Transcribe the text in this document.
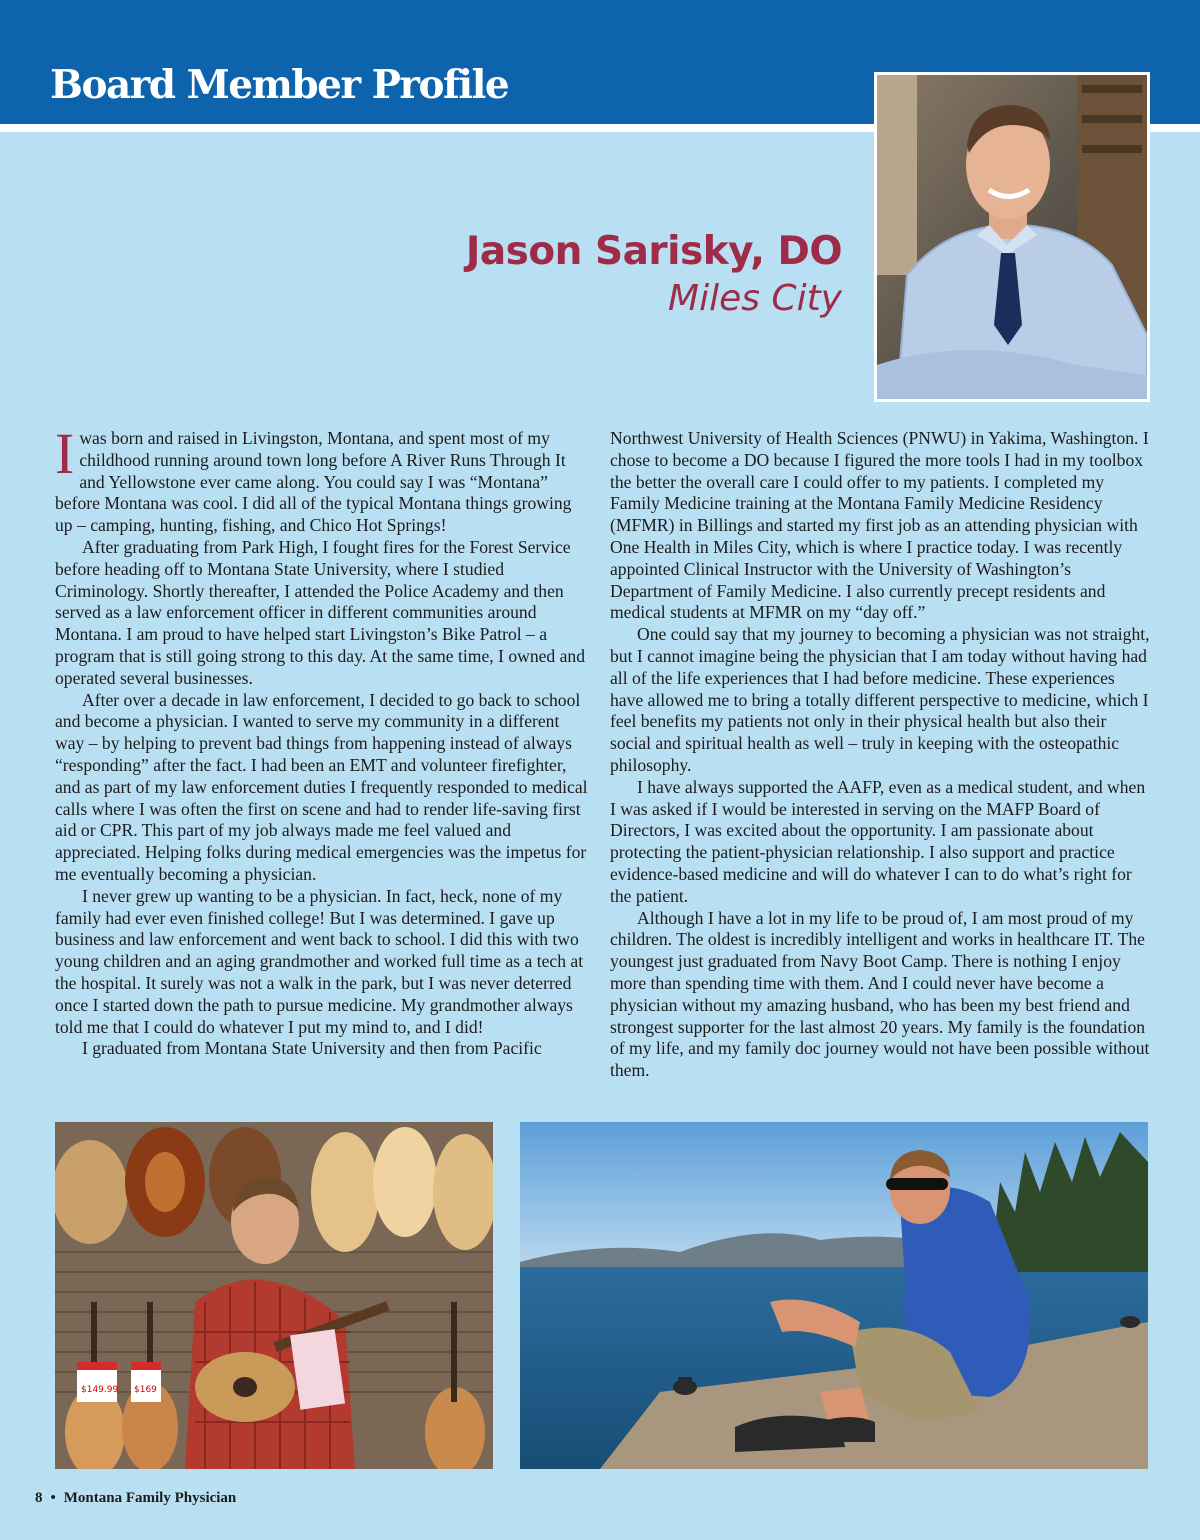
Board Member Profile
Jason Sarisky, DO
Miles City

Iwas born and raised in Livingston, Montana, and spent most of my childhood running around town long before A River Runs Through It and Yellowstone ever came along. You could say I was “Montana” before Montana was cool. I did all of the typical Montana things growing up – camping, hunting, fishing, and Chico Hot Springs!

After graduating from Park High, I fought fires for the Forest Service before heading off to Montana State University, where I studied Criminology. Shortly thereafter, I attended the Police Academy and then served as a law enforcement officer in different communities around Montana. I am proud to have helped start Livingston’s Bike Patrol – a program that is still going strong to this day. At the same time, I owned and operated several businesses.

After over a decade in law enforcement, I decided to go back to school and become a physician. I wanted to serve my community in a different way – by helping to prevent bad things from happening instead of always “responding” after the fact. I had been an EMT and volunteer firefighter, and as part of my law enforcement duties I frequently responded to medical calls where I was often the first on scene and had to render life-saving first aid or CPR. This part of my job always made me feel valued and appreciated. Helping folks during medical emergencies was the impetus for me eventually becoming a physician.

I never grew up wanting to be a physician. In fact, heck, none of my family had ever even finished college! But I was determined. I gave up business and law enforcement and went back to school. I did this with two young children and an aging grandmother and worked full time as a tech at the hospital. It surely was not a walk in the park, but I was never deterred once I started down the path to pursue medicine. My grandmother always told me that I could do whatever I put my mind to, and I did!

I graduated from Montana State University and then from Pacific

Northwest University of Health Sciences (PNWU) in Yakima, Washington. I chose to become a DO because I figured the more tools I had in my toolbox the better the overall care I could offer to my patients. I completed my Family Medicine training at the Montana Family Medicine Residency (MFMR) in Billings and started my first job as an attending physician with One Health in Miles City, which is where I practice today. I was recently appointed Clinical Instructor with the University of Washington’s Department of Family Medicine. I also currently precept residents and medical students at MFMR on my “day off.”

One could say that my journey to becoming a physician was not straight, but I cannot imagine being the physician that I am today without having had all of the life experiences that I had before medicine. These experiences have allowed me to bring a totally different perspective to medicine, which I feel benefits my patients not only in their physical health but also their social and spiritual health as well – truly in keeping with the osteopathic philosophy.

I have always supported the AAFP, even as a medical student, and when I was asked if I would be interested in serving on the MAFP Board of Directors, I was excited about the opportunity. I am passionate about protecting the patient-physician relationship. I also support and practice evidence-based medicine and will do whatever I can to do what’s right for the patient.

Although I have a lot in my life to be proud of, I am most proud of my children. The oldest is incredibly intelligent and works in healthcare IT. The youngest just graduated from Navy Boot Camp. There is nothing I enjoy more than spending time with them. And I could never have become a physician without my amazing husband, who has been my best friend and strongest supporter for the last almost 20 years. My family is the foundation of my life, and my family doc journey would not have been possible without them.

$149.99 $169
8 • Montana Family Physician
